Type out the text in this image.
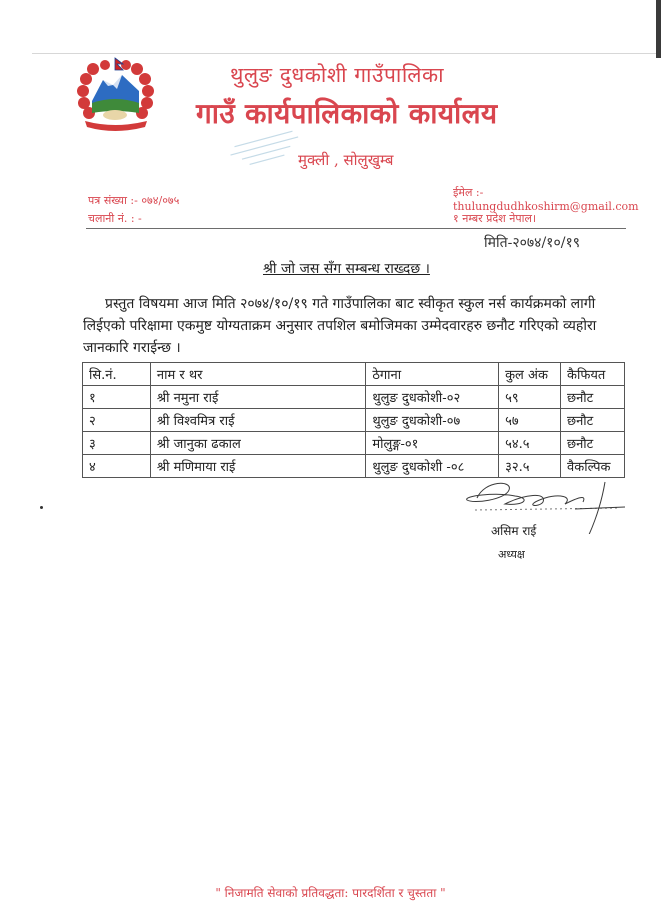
थुलुङ दुधकोशी गाउँपालिका
गाउँ कार्यपालिकाको कार्यालय
मुक्ली , सोलुखुम्ब
पत्र संख्या :- ०७४/०७५
चलानी नं. : -
ईमेल :- thulungdudhkoshirm@gmail.com
१ नम्बर प्रदेश नेपाल।
मिति-२०७४/१०/१९
श्री जो जस सँग सम्बन्ध राख्दछ ।
प्रस्तुत विषयमा आज मिति २०७४/१०/१९ गते गाउँपालिका बाट स्वीकृत स्कुल नर्स कार्यक्रमको लागी लिईएको परिक्षामा एकमुष्ट योग्यताक्रम अनुसार तपशिल बमोजिमका उम्मेदवारहरु छनौट गरिएको व्यहोरा जानकारि गराईन्छ ।
सि.नं.	नाम र थर	ठेगाना	कुल अंक	कैफियत
१	श्री नमुना राई	थुलुङ दुधकोशी-०२	५९	छनौट
२	श्री विश्वमित्र राई	थुलुङ दुधकोशी-०७	५७	छनौट
३	श्री जानुका ढकाल	मोलुङ्ग-०१	५४.५	छनौट
४	श्री मणिमाया राई	थुलुङ दुधकोशी -०८	३२.५	वैकल्पिक
असिम राई
अध्यक्ष
" निजामति सेवाको प्रतिवद्धता: पारदर्शिता र चुस्तता "
